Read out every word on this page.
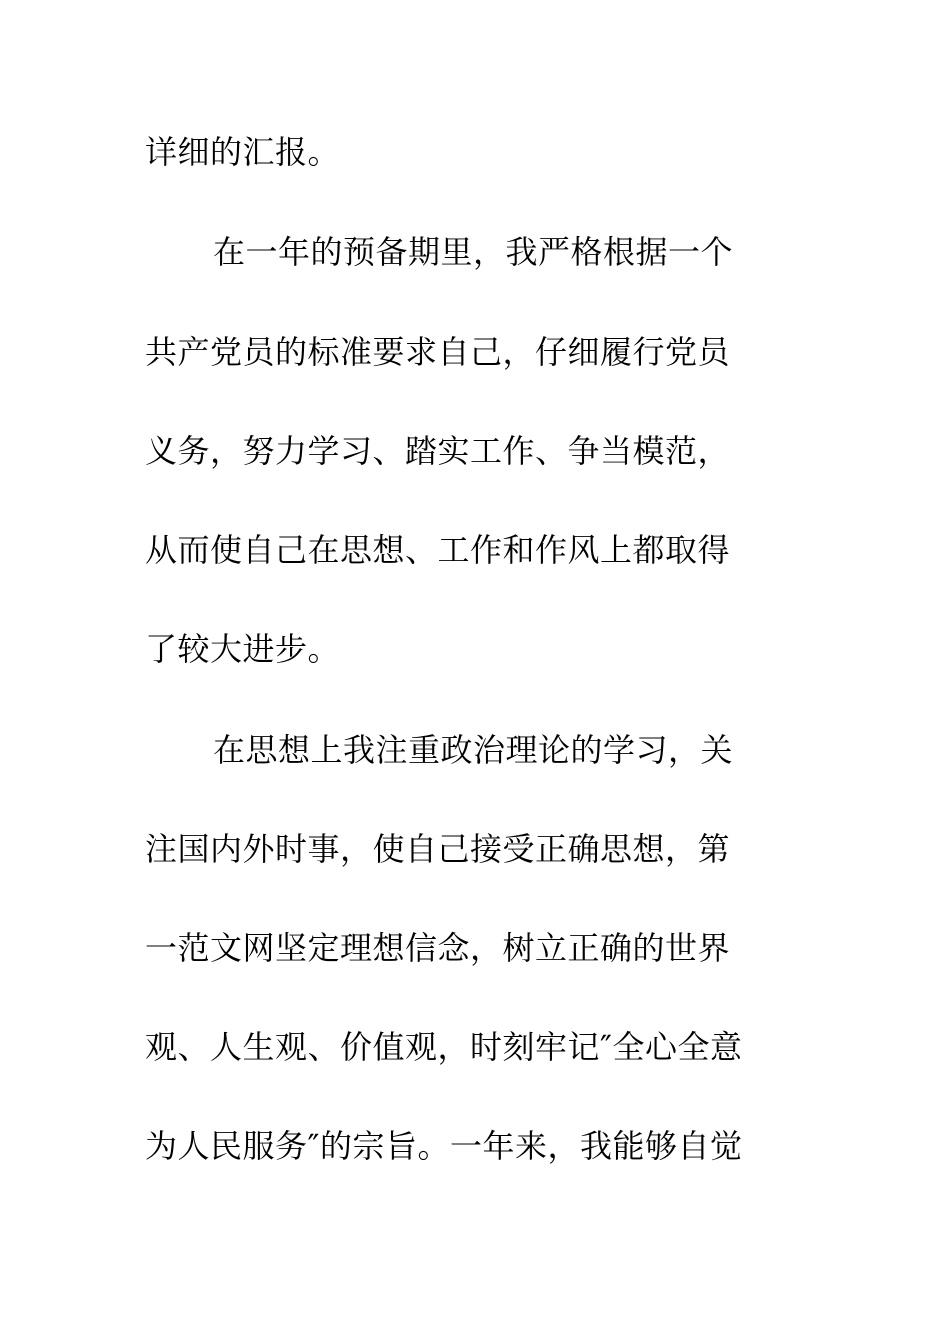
详细的汇报。
在一年的预备期里，我严格根据一个
共产党员的标准要求自己，仔细履行党员
义务，努力学习、踏实工作、争当模范，
从而使自己在思想、工作和作风上都取得
了较大进步。
在思想上我注重政治理论的学习，关
注国内外时事，使自己接受正确思想，第
一范文网坚定理想信念，树立正确的世界
观、人生观、价值观，时刻牢记″全心全意
为人民服务″的宗旨。一年来，我能够自觉
